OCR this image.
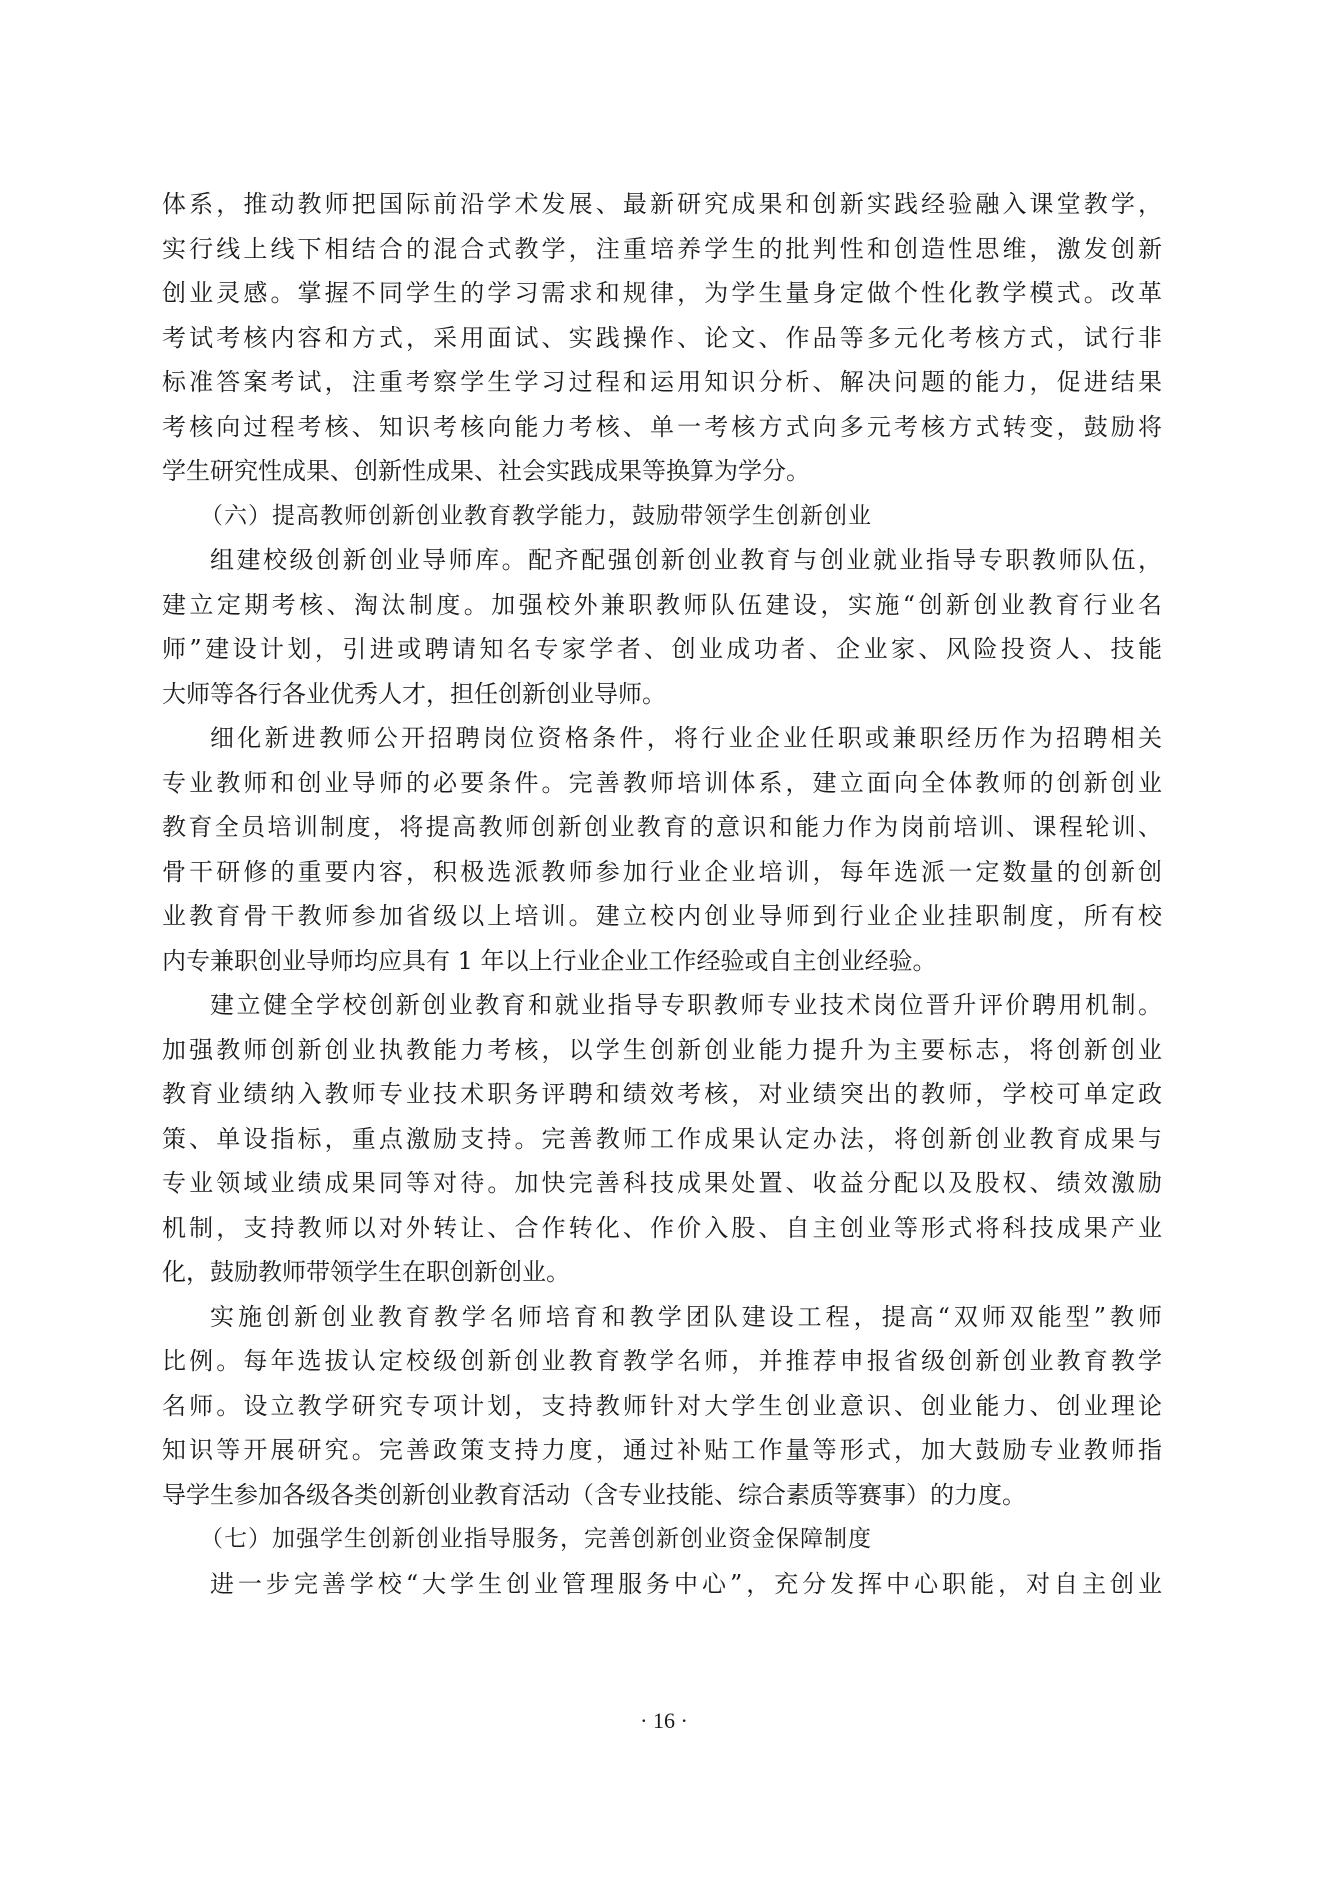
体系，推动教师把国际前沿学术发展、最新研究成果和创新实践经验融入课堂教学，
实行线上线下相结合的混合式教学，注重培养学生的批判性和创造性思维，激发创新
创业灵感。掌握不同学生的学习需求和规律，为学生量身定做个性化教学模式。改革
考试考核内容和方式，采用面试、实践操作、论文、作品等多元化考核方式，试行非
标准答案考试，注重考察学生学习过程和运用知识分析、解决问题的能力，促进结果
考核向过程考核、知识考核向能力考核、单一考核方式向多元考核方式转变，鼓励将
学生研究性成果、创新性成果、社会实践成果等换算为学分。
（六）提高教师创新创业教育教学能力，鼓励带领学生创新创业
组建校级创新创业导师库。配齐配强创新创业教育与创业就业指导专职教师队伍，
建立定期考核、淘汰制度。加强校外兼职教师队伍建设，实施“创新创业教育行业名
师”建设计划，引进或聘请知名专家学者、创业成功者、企业家、风险投资人、技能
大师等各行各业优秀人才，担任创新创业导师。
细化新进教师公开招聘岗位资格条件，将行业企业任职或兼职经历作为招聘相关
专业教师和创业导师的必要条件。完善教师培训体系，建立面向全体教师的创新创业
教育全员培训制度，将提高教师创新创业教育的意识和能力作为岗前培训、课程轮训、
骨干研修的重要内容，积极选派教师参加行业企业培训，每年选派一定数量的创新创
业教育骨干教师参加省级以上培训。建立校内创业导师到行业企业挂职制度，所有校
内专兼职创业导师均应具有 1 年以上行业企业工作经验或自主创业经验。
建立健全学校创新创业教育和就业指导专职教师专业技术岗位晋升评价聘用机制。
加强教师创新创业执教能力考核，以学生创新创业能力提升为主要标志，将创新创业
教育业绩纳入教师专业技术职务评聘和绩效考核，对业绩突出的教师，学校可单定政
策、单设指标，重点激励支持。完善教师工作成果认定办法，将创新创业教育成果与
专业领域业绩成果同等对待。加快完善科技成果处置、收益分配以及股权、绩效激励
机制，支持教师以对外转让、合作转化、作价入股、自主创业等形式将科技成果产业
化，鼓励教师带领学生在职创新创业。
实施创新创业教育教学名师培育和教学团队建设工程，提高“双师双能型”教师
比例。每年选拔认定校级创新创业教育教学名师，并推荐申报省级创新创业教育教学
名师。设立教学研究专项计划，支持教师针对大学生创业意识、创业能力、创业理论
知识等开展研究。完善政策支持力度，通过补贴工作量等形式，加大鼓励专业教师指
导学生参加各级各类创新创业教育活动（含专业技能、综合素质等赛事）的力度。
（七）加强学生创新创业指导服务，完善创新创业资金保障制度
进一步完善学校“大学生创业管理服务中心”，充分发挥中心职能，对自主创业
· 16 ·
